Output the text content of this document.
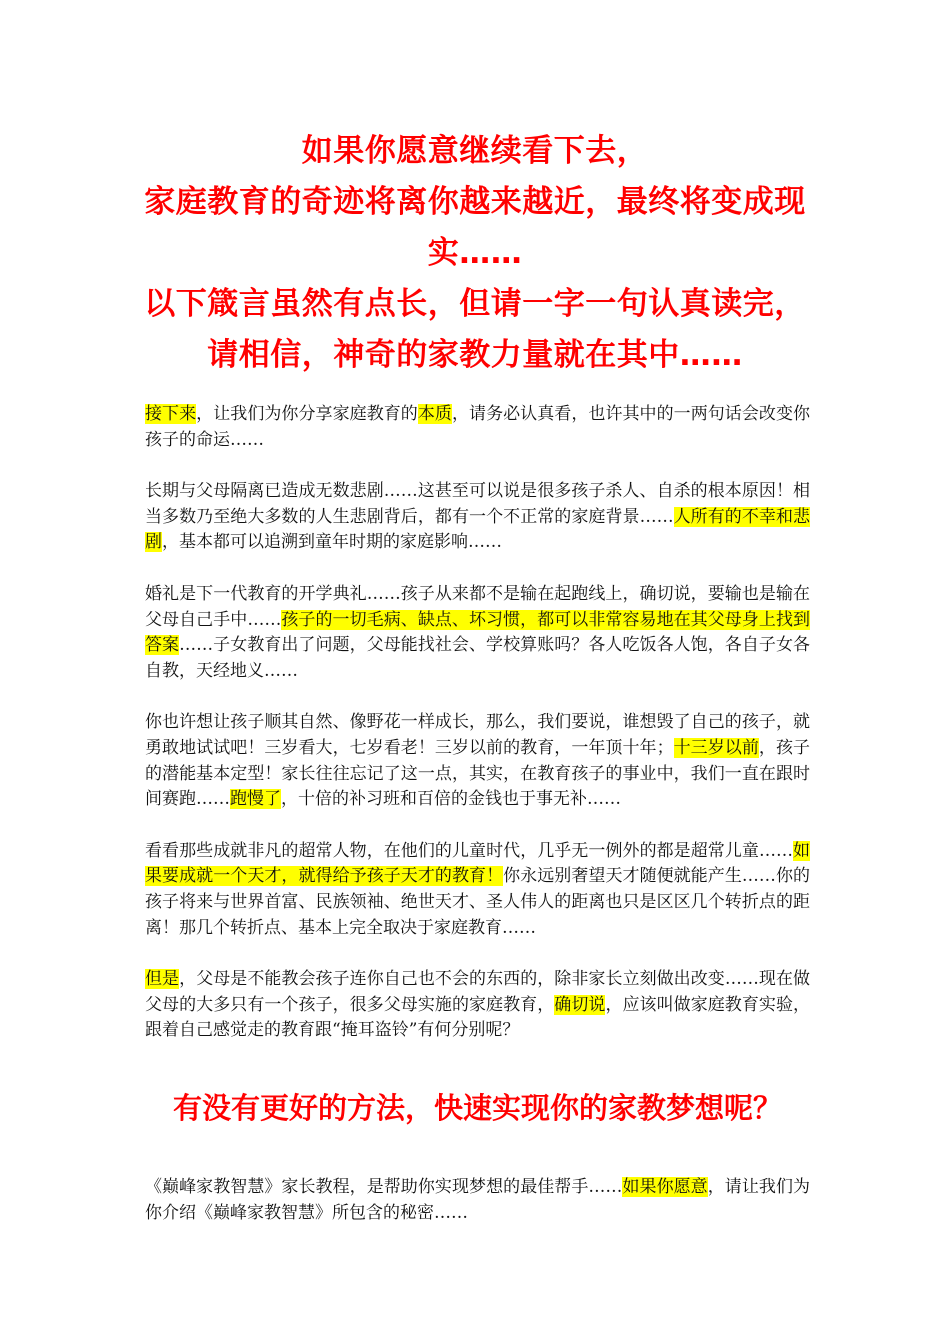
如果你愿意继续看下去，
家庭教育的奇迹将离你越来越近，最终将变成现
实……
以下箴言虽然有点长，但请一字一句认真读完，
请相信，神奇的家教力量就在其中……

接下来，让我们为你分享家庭教育的本质，请务必认真看，也许其中的一两句话会改变你孩子的命运……

长期与父母隔离已造成无数悲剧……这甚至可以说是很多孩子杀人、自杀的根本原因！相当多数乃至绝大多数的人生悲剧背后，都有一个不正常的家庭背景……人所有的不幸和悲剧，基本都可以追溯到童年时期的家庭影响……

婚礼是下一代教育的开学典礼……孩子从来都不是输在起跑线上，确切说，要输也是输在父母自己手中……孩子的一切毛病、缺点、坏习惯，都可以非常容易地在其父母身上找到答案……子女教育出了问题，父母能找社会、学校算账吗？各人吃饭各人饱，各自子女各自教，天经地义……

你也许想让孩子顺其自然、像野花一样成长，那么，我们要说，谁想毁了自己的孩子，就勇敢地试试吧！三岁看大，七岁看老！三岁以前的教育，一年顶十年；十三岁以前，孩子的潜能基本定型！家长往往忘记了这一点，其实，在教育孩子的事业中，我们一直在跟时间赛跑……跑慢了，十倍的补习班和百倍的金钱也于事无补……

看看那些成就非凡的超常人物，在他们的儿童时代，几乎无一例外的都是超常儿童……如果要成就一个天才，就得给予孩子天才的教育！你永远别奢望天才随便就能产生……你的孩子将来与世界首富、民族领袖、绝世天才、圣人伟人的距离也只是区区几个转折点的距离！那几个转折点、基本上完全取决于家庭教育……

但是，父母是不能教会孩子连你自己也不会的东西的，除非家长立刻做出改变……现在做父母的大多只有一个孩子，很多父母实施的家庭教育，确切说，应该叫做家庭教育实验，跟着自己感觉走的教育跟“掩耳盗铃”有何分别呢？

有没有更好的方法，快速实现你的家教梦想呢？

《巅峰家教智慧》家长教程，是帮助你实现梦想的最佳帮手……如果你愿意，请让我们为你介绍《巅峰家教智慧》所包含的秘密……
